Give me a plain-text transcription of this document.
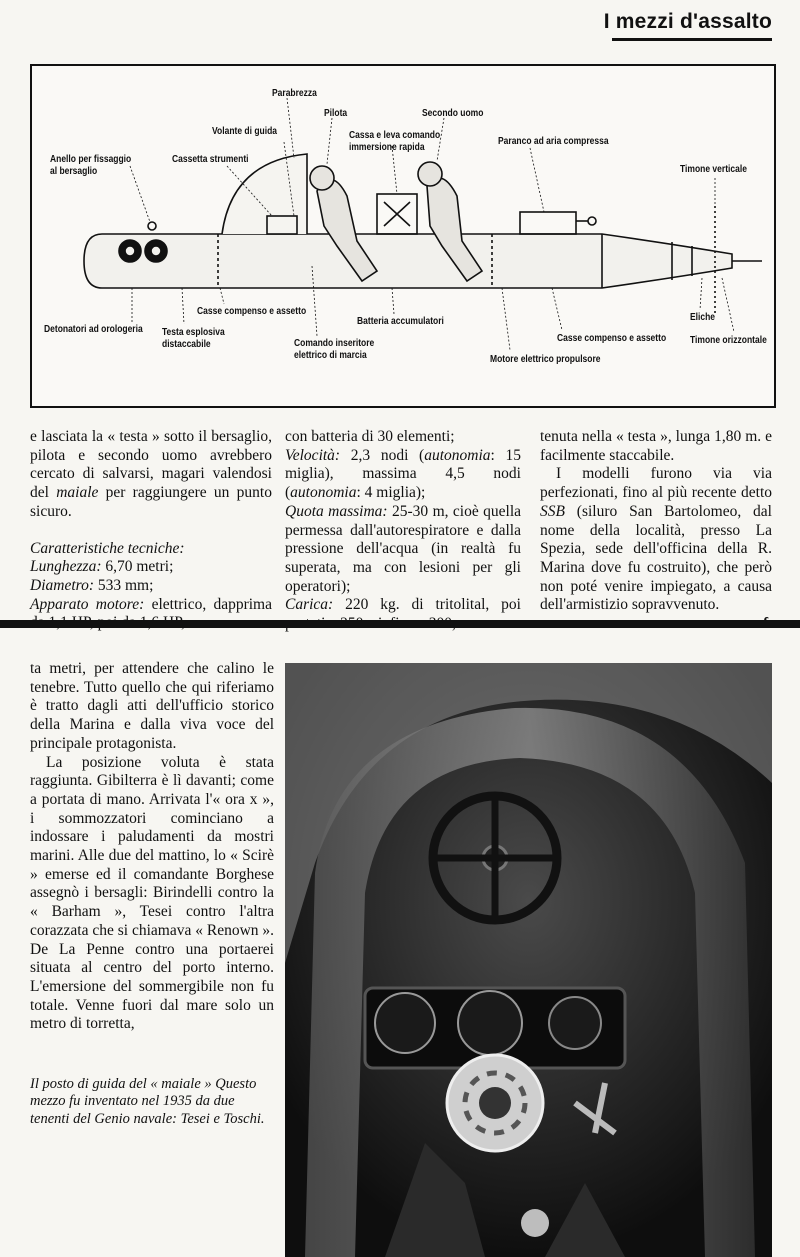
I mezzi d'assalto
Parabrezza
Pilota	Secondo uomo
Volante di guida	Cassa e leva comando
immersione rapida
Paranco ad aria compressa
Cassetta strumenti
Anello per fissaggio
al bersaglio	Timone verticale
Casse compenso e assetto
Detonatori ad orologeria Testa esplosiva
distaccabile	Comando inseritore
elettrico di marcia
Batteria accumulatori
Casse compenso e assetto
Motore elettrico propulsore
Eliche
Timone orizzontale

e lasciata la « testa » sotto il bersaglio, pilota e secondo uomo avrebbero cercato di salvarsi, magari valendosi del maiale per raggiungere un punto sicuro.

Caratteristiche tecniche:

Lunghezza: 6,70 metri;

Diametro: 533 mm;

Apparato motore: elettrico, dapprima

con batteria di 30 elementi;

Velocità: 2,3 nodi (autonomia: 15 miglia), massima 4,5 nodi (autonomia: 4 miglia);

Quota massima: 25-30 m, cioè quella permessa dall'autorespiratore e dalla pressione dell'acqua (in realtà fu superata, ma con lesioni per gli operatori);

Carica: 220 kg. di tritolital, poi

tenuta nella « testa », lunga 1,80 m. e facilmente staccabile.

I modelli furono via via perfezionati, fino al più recente detto SSB (siluro San Bartolomeo, dal nome della località, presso La Spezia, sede dell'officina della R. Marina dove fu costruito), che però non poté venire impiegato, a causa dell'armistizio sopravvenuto.

ta metri, per attendere che calino le tenebre. Tutto quello che qui riferiamo è tratto dagli atti dell'ufficio storico della Marina e dalla viva voce del principale protagonista.

La posizione voluta è stata raggiunta. Gibilterra è lì davanti; come a portata di mano. Arrivata l'« ora x », i sommozzatori cominciano a indossare i paludamenti da mostri marini. Alle due del mattino, lo « Scirè » emerse ed il comandante Borghese assegnò i bersagli: Birindelli contro la « Barham », Tesei contro l'altra corazzata che si chiamava « Renown ». De La Penne contro una portaerei situata al centro del porto interno. L'emersione del sommergibile non fu totale. Venne fuori dal mare solo un metro di torretta,

Il posto di guida del « maiale » Questo mezzo fu inventato nel 1935 da due tenenti del Genio navale: Tesei e Toschi.
